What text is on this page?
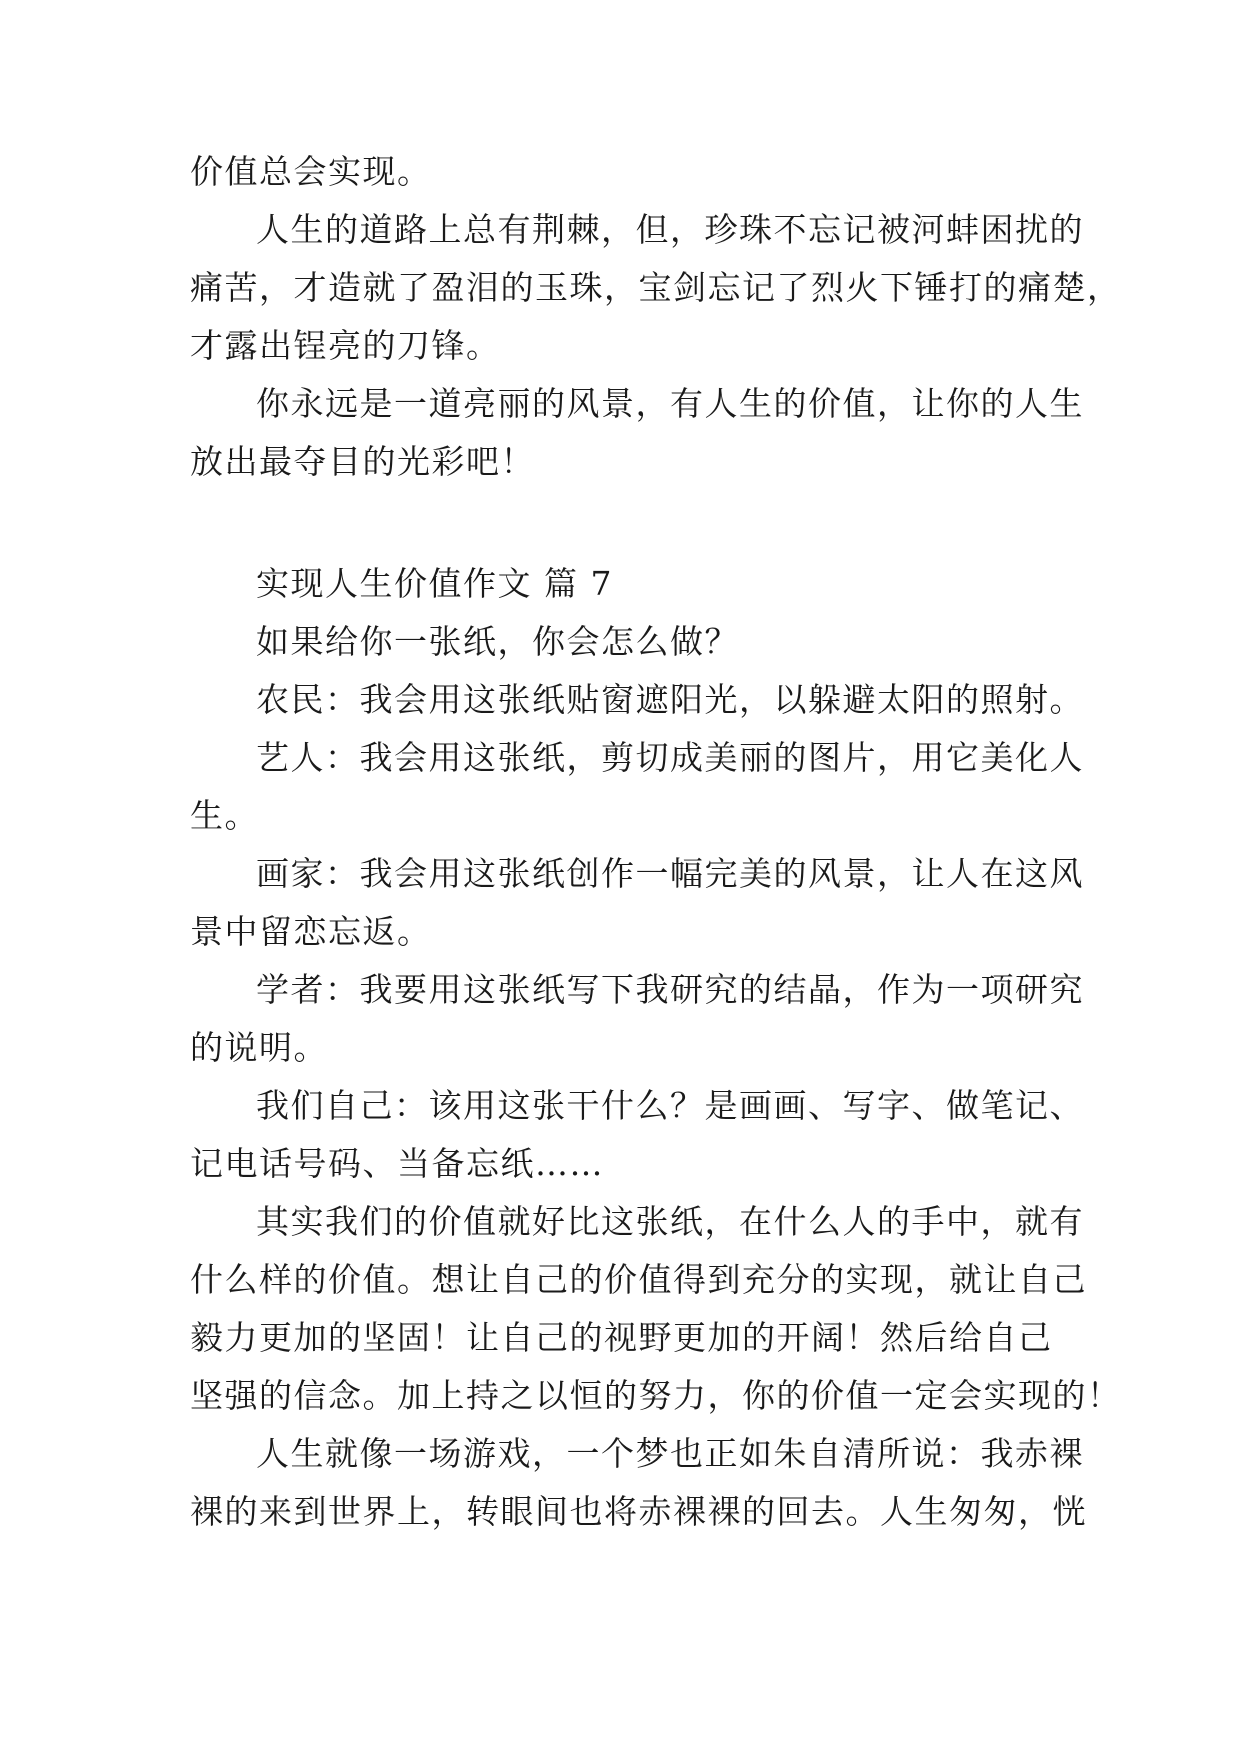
价值总会实现。
人生的道路上总有荆棘，但，珍珠不忘记被河蚌困扰的
痛苦，才造就了盈泪的玉珠，宝剑忘记了烈火下锤打的痛楚，
才露出锃亮的刀锋。
你永远是一道亮丽的风景，有人生的价值，让你的人生
放出最夺目的光彩吧！
实现人生价值作文 篇 7
如果给你一张纸，你会怎么做？
农民：我会用这张纸贴窗遮阳光，以躲避太阳的照射。
艺人：我会用这张纸，剪切成美丽的图片，用它美化人
生。
画家：我会用这张纸创作一幅完美的风景，让人在这风
景中留恋忘返。
学者：我要用这张纸写下我研究的结晶，作为一项研究
的说明。
我们自己：该用这张干什么？是画画、写字、做笔记、
记电话号码、当备忘纸……
其实我们的价值就好比这张纸，在什么人的手中，就有
什么样的价值。想让自己的价值得到充分的实现，就让自己
毅力更加的坚固！让自己的视野更加的开阔！然后给自己
坚强的信念。加上持之以恒的努力，你的价值一定会实现的！
人生就像一场游戏，一个梦也正如朱自清所说：我赤裸
裸的来到世界上，转眼间也将赤裸裸的回去。人生匆匆，恍
